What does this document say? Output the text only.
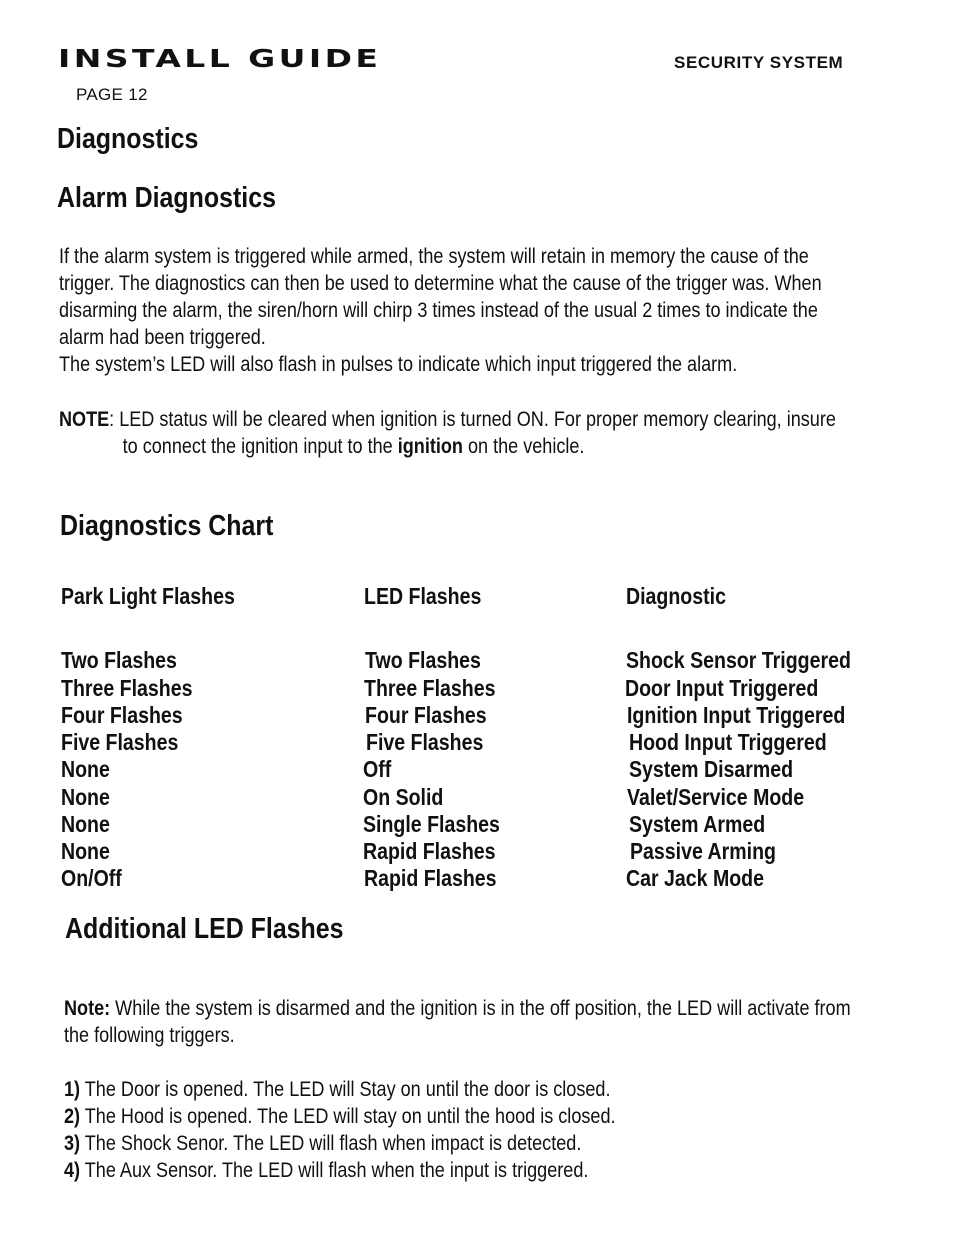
INSTALL GUIDE	SECURITY SYSTEM
PAGE 12
Diagnostics
Alarm Diagnostics
If the alarm system is triggered while armed, the system will retain in memory the cause of the
trigger. The diagnostics can then be used to determine what the cause of the trigger was. When
disarming the alarm, the siren/horn will chirp 3 times instead of the usual 2 times to indicate the
alarm had been triggered.
The system’s LED will also flash in pulses to indicate which input triggered the alarm.
NOTE: LED status will be cleared when ignition is turned ON. For proper memory clearing, insure
to connect the ignition input to the ignition on the vehicle.
Diagnostics Chart
Park Light Flashes	LED Flashes	Diagnostic
Two Flashes	Two Flashes	Shock Sensor Triggered
Three Flashes	Three Flashes	Door Input Triggered
Four Flashes	Four Flashes	Ignition Input Triggered
Five Flashes	Five Flashes	Hood Input Triggered
None	Off	System Disarmed
None	On Solid	Valet/Service Mode
None	Single Flashes	System Armed
None	Rapid Flashes	Passive Arming
On/Off	Rapid Flashes	Car Jack Mode
Additional LED Flashes
Note: While the system is disarmed and the ignition is in the off position, the LED will activate from
the following triggers.
1) The Door is opened. The LED will Stay on until the door is closed.
2) The Hood is opened. The LED will stay on until the hood is closed.
3) The Shock Senor. The LED will flash when impact is detected.
4) The Aux Sensor. The LED will flash when the input is triggered.
